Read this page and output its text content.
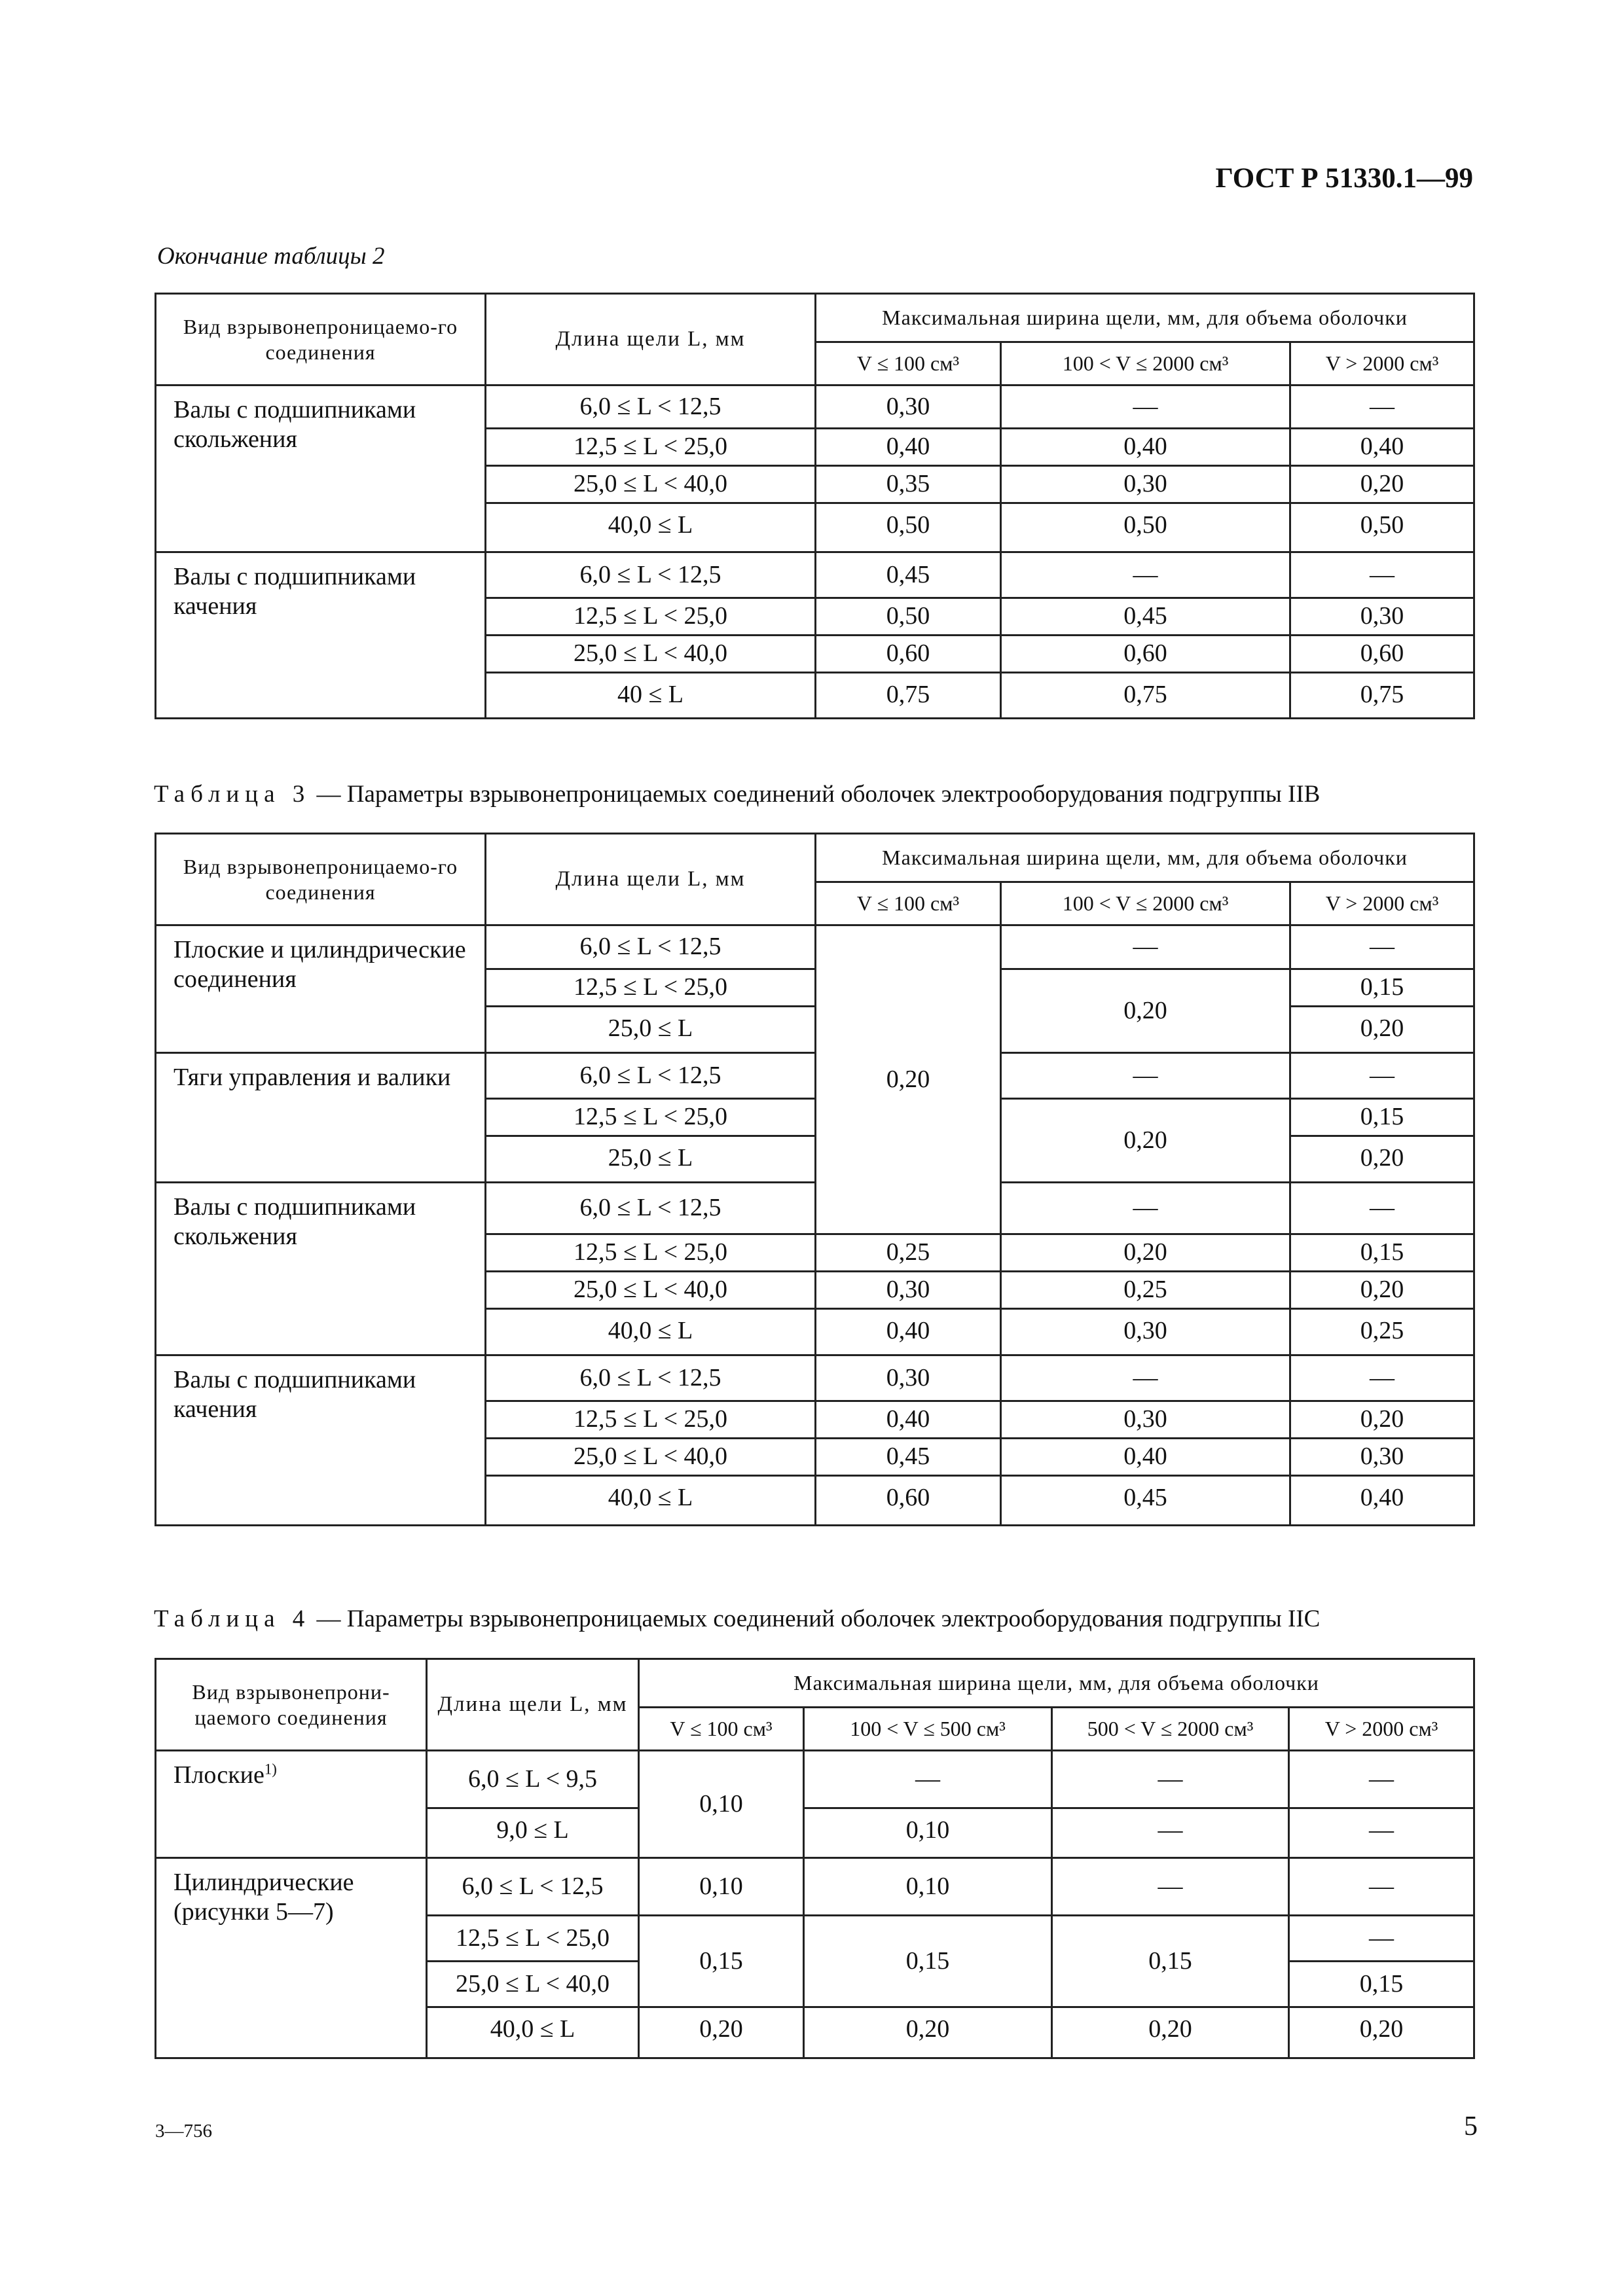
ГОСТ Р 51330.1—99
Окончание таблицы 2
Вид взрывонепроницаемо-го соединения	Длина щели L, мм	Максимальная ширина щели, мм, для объема оболочки		
		V ≤ 100 см³	100 < V ≤ 2000 см³	V > 2000 см³
Валы с подшипниками скольжения	6,0 ≤ L < 12,5	0,30	—	—
	12,5 ≤ L < 25,0	0,40	0,40	0,40
	25,0 ≤ L < 40,0	0,35	0,30	0,20
	40,0 ≤ L	0,50	0,50	0,50
Валы с подшипниками качения	6,0 ≤ L < 12,5	0,45	—	—
	12,5 ≤ L < 25,0	0,50	0,45	0,30
	25,0 ≤ L < 40,0	0,60	0,60	0,60
	40 ≤ L	0,75	0,75	0,75
Таблица 3 — Параметры взрывонепроницаемых соединений оболочек электрооборудования подгруппы IIB
Вид взрывонепроницаемо-го соединения	Длина щели L, мм	Максимальная ширина щели, мм, для объема оболочки		
		V ≤ 100 см³	100 < V ≤ 2000 см³	V > 2000 см³
Плоские и цилиндрические соединения	6,0 ≤ L < 12,5	0,20	—	—
	12,5 ≤ L < 25,0		0,20	0,15
	25,0 ≤ L			0,20
Тяги управления и валики	6,0 ≤ L < 12,5		—	—
	12,5 ≤ L < 25,0		0,20	0,15
	25,0 ≤ L			0,20
Валы с подшипниками скольжения	6,0 ≤ L < 12,5		—	—
	12,5 ≤ L < 25,0	0,25	0,20	0,15
	25,0 ≤ L < 40,0	0,30	0,25	0,20
	40,0 ≤ L	0,40	0,30	0,25
Валы с подшипниками качения	6,0 ≤ L < 12,5	0,30	—	—
	12,5 ≤ L < 25,0	0,40	0,30	0,20
	25,0 ≤ L < 40,0	0,45	0,40	0,30
	40,0 ≤ L	0,60	0,45	0,40
Таблица 4 — Параметры взрывонепроницаемых соединений оболочек электрооборудования подгруппы IIC
Вид взрывонепрони-цаемого соединения	Длина щели L, мм	Максимальная ширина щели, мм, для объема оболочки			
		V ≤ 100 см³	100 < V ≤ 500 см³	500 < V ≤ 2000 см³	V > 2000 см³
Плоские$^{1)}$	6,0 ≤ L < 9,5	0,10	—	—	—
	9,0 ≤ L		0,10	—	—
Цилиндрические (рисунки 5—7)	6,0 ≤ L < 12,5	0,10	0,10	—	—
	12,5 ≤ L < 25,0	0,15	0,15	0,15	—
	25,0 ≤ L < 40,0				0,15
	40,0 ≤ L	0,20	0,20	0,20	0,20
3—756	5
